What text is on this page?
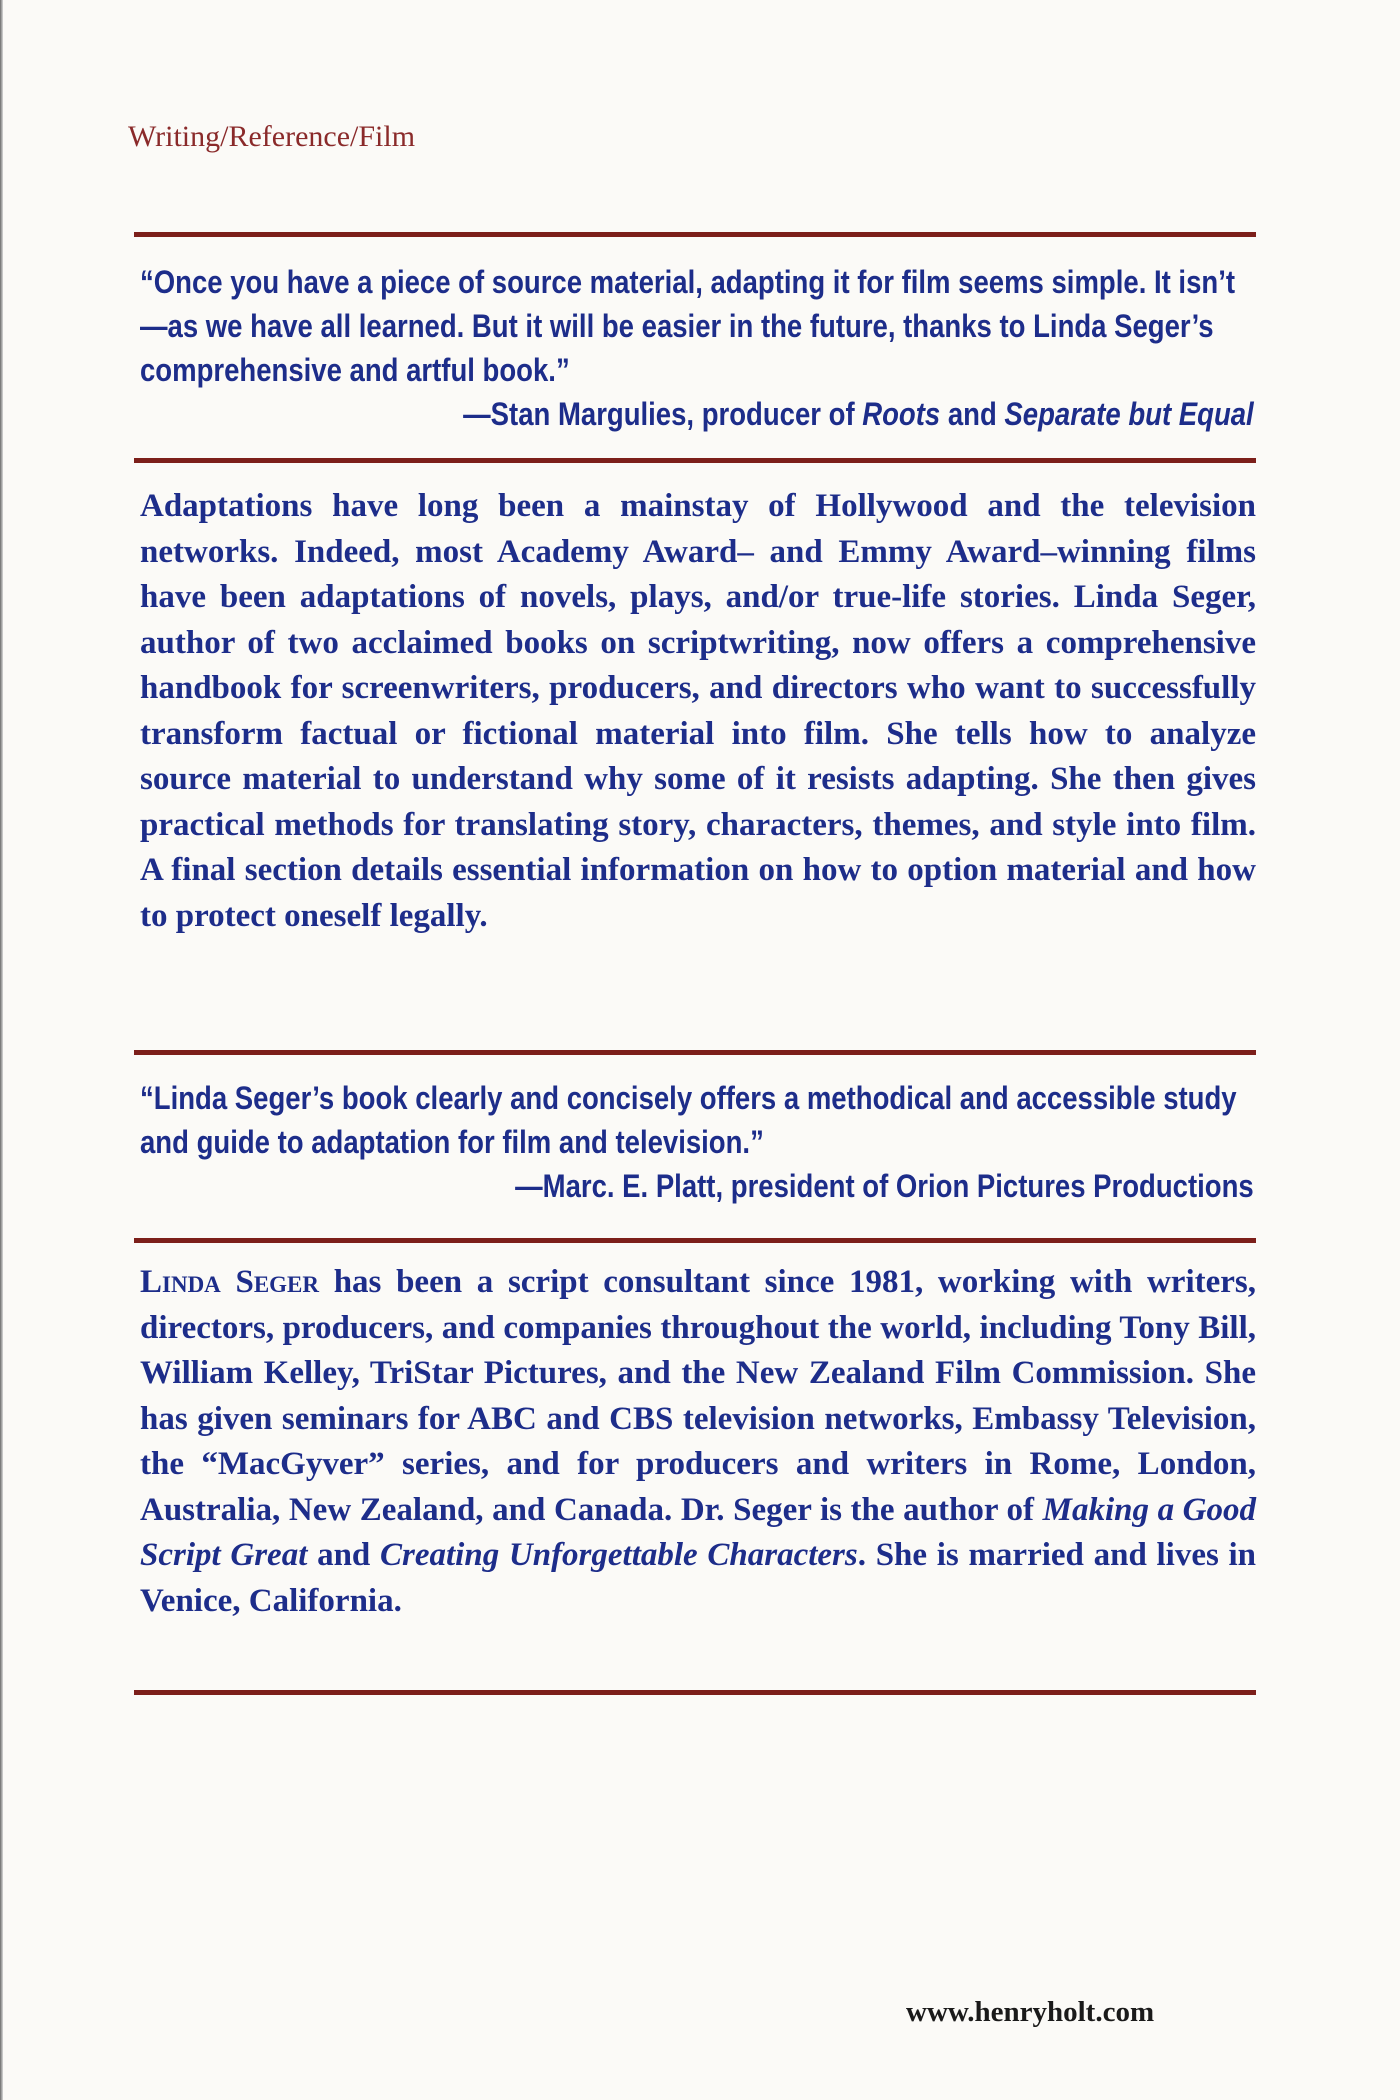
Writing/Reference/Film

“Once you have a piece of source material, adapting it for film seems simple. It isn’t—as we have all learned. But it will be easier in the future, thanks to Linda Seger’s comprehensive and artful book.”

—Stan Margulies, producer of Roots and Separate but Equal

Adaptations have long been a mainstay of Hollywood and the television networks. Indeed, most Academy Award– and Emmy Award–winning films have been adaptations of novels, plays, and/or true-life stories. Linda Seger, author of two acclaimed books on scriptwriting, now offers a comprehensive handbook for screenwriters, producers, and directors who want to successfully transform factual or fictional material into film. She tells how to analyze source material to understand why some of it resists adapting. She then gives practical methods for translating story, characters, themes, and style into film. A final section details essential information on how to option material and how to protect oneself legally.

“Linda Seger’s book clearly and concisely offers a methodical and accessible study and guide to adaptation for film and television.”

—Marc. E. Platt, president of Orion Pictures Productions

Linda Seger has been a script consultant since 1981, working with writers, directors, producers, and companies throughout the world, including Tony Bill, William Kelley, TriStar Pictures, and the New Zealand Film Commission. She has given seminars for ABC and CBS television networks, Embassy Television, the “MacGyver” series, and for producers and writers in Rome, London, Australia, New Zealand, and Canada. Dr. Seger is the author of Making a Good Script Great and Creating Unforgettable Characters. She is married and lives in Venice, California.
www.henryholt.com
